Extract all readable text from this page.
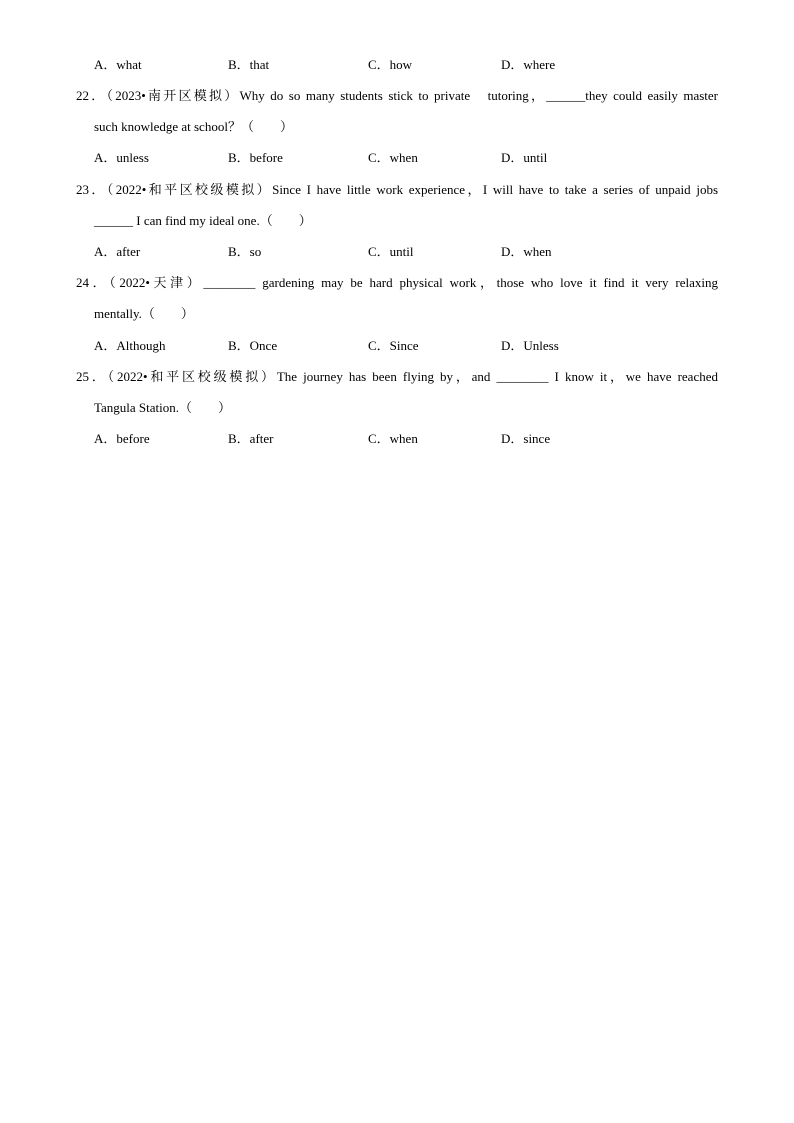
A．what	B．that	C．how	D．where
22．（2023•南开区模拟）Why do so many students stick to private　tutoring，______they could easily master
such knowledge at school？（　　）
A．unless	B．before	C．when	D．until
23．（2022•和平区校级模拟）Since I have little work experience，I will have to take a series of unpaid jobs
______ I can find my ideal one.（　　）
A．after	B．so	C．until	D．when
24．（2022•天津）________ gardening may be hard physical work，those who love it find it very relaxing
mentally.（　　）
A．Although	B．Once	C．Since	D．Unless
25．（2022•和平区校级模拟）The journey has been flying by，and ________ I know it，we have reached
Tangula Station.（　　）
A．before	B．after	C．when	D．since
